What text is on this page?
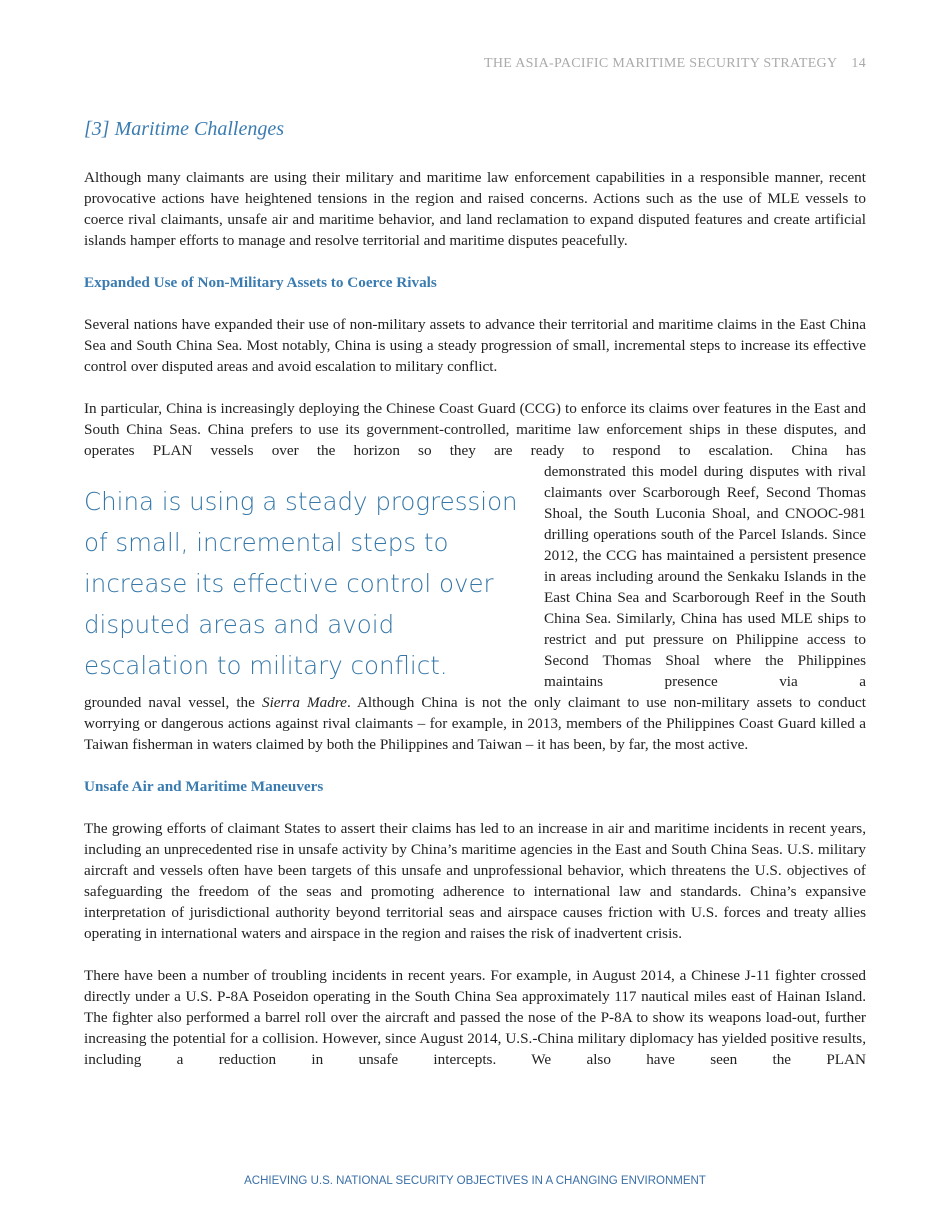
THE ASIA-PACIFIC MARITIME SECURITY STRATEGY 14
[3] Maritime Challenges

Although many claimants are using their military and maritime law enforcement capabilities in a responsible manner, recent provocative actions have heightened tensions in the region and raised concerns. Actions such as the use of MLE vessels to coerce rival claimants, unsafe air and maritime behavior, and land reclamation to expand disputed features and create artificial islands hamper efforts to manage and resolve territorial and maritime disputes peacefully.

Expanded Use of Non-Military Assets to Coerce Rivals

Several nations have expanded their use of non-military assets to advance their territorial and maritime claims in the East China Sea and South China Sea. Most notably, China is using a steady progression of small, incremental steps to increase its effective control over disputed areas and avoid escalation to military conflict.

In particular, China is increasingly deploying the Chinese Coast Guard (CCG) to enforce its claims over features in the East and South China Seas. China prefers to use its government-controlled, maritime law enforcement ships in these disputes, and operates PLAN vessels over the horizon so they are ready to respond to escalation. China has

China is using a steady progression of small, incremental steps to increase its effective control over disputed areas and avoid escalation to military conflict.

demonstrated this model during disputes with rival claimants over Scarborough Reef, Second Thomas Shoal, the South Luconia Shoal, and CNOOC-981 drilling operations south of the Parcel Islands. Since 2012, the CCG has maintained a persistent presence in areas including around the Senkaku Islands in the East China Sea and Scarborough Reef in the South China Sea. Similarly, China has used MLE ships to restrict and put pressure on Philippine access to Second Thomas Shoal where the Philippines maintains presence via a

grounded naval vessel, the Sierra Madre. Although China is not the only claimant to use non-military assets to conduct worrying or dangerous actions against rival claimants – for example, in 2013, members of the Philippines Coast Guard killed a Taiwan fisherman in waters claimed by both the Philippines and Taiwan – it has been, by far, the most active.

Unsafe Air and Maritime Maneuvers

The growing efforts of claimant States to assert their claims has led to an increase in air and maritime incidents in recent years, including an unprecedented rise in unsafe activity by China’s maritime agencies in the East and South China Seas. U.S. military aircraft and vessels often have been targets of this unsafe and unprofessional behavior, which threatens the U.S. objectives of safeguarding the freedom of the seas and promoting adherence to international law and standards. China’s expansive interpretation of jurisdictional authority beyond territorial seas and airspace causes friction with U.S. forces and treaty allies operating in international waters and airspace in the region and raises the risk of inadvertent crisis.

There have been a number of troubling incidents in recent years. For example, in August 2014, a Chinese J-11 fighter crossed directly under a U.S. P-8A Poseidon operating in the South China Sea approximately 117 nautical miles east of Hainan Island. The fighter also performed a barrel roll over the aircraft and passed the nose of the P-8A to show its weapons load-out, further increasing the potential for a collision. However, since August 2014, U.S.-China military diplomacy has yielded positive results, including a reduction in unsafe intercepts. We also have seen the PLAN

ACHIEVING U.S. NATIONAL SECURITY OBJECTIVES IN A CHANGING ENVIRONMENT
